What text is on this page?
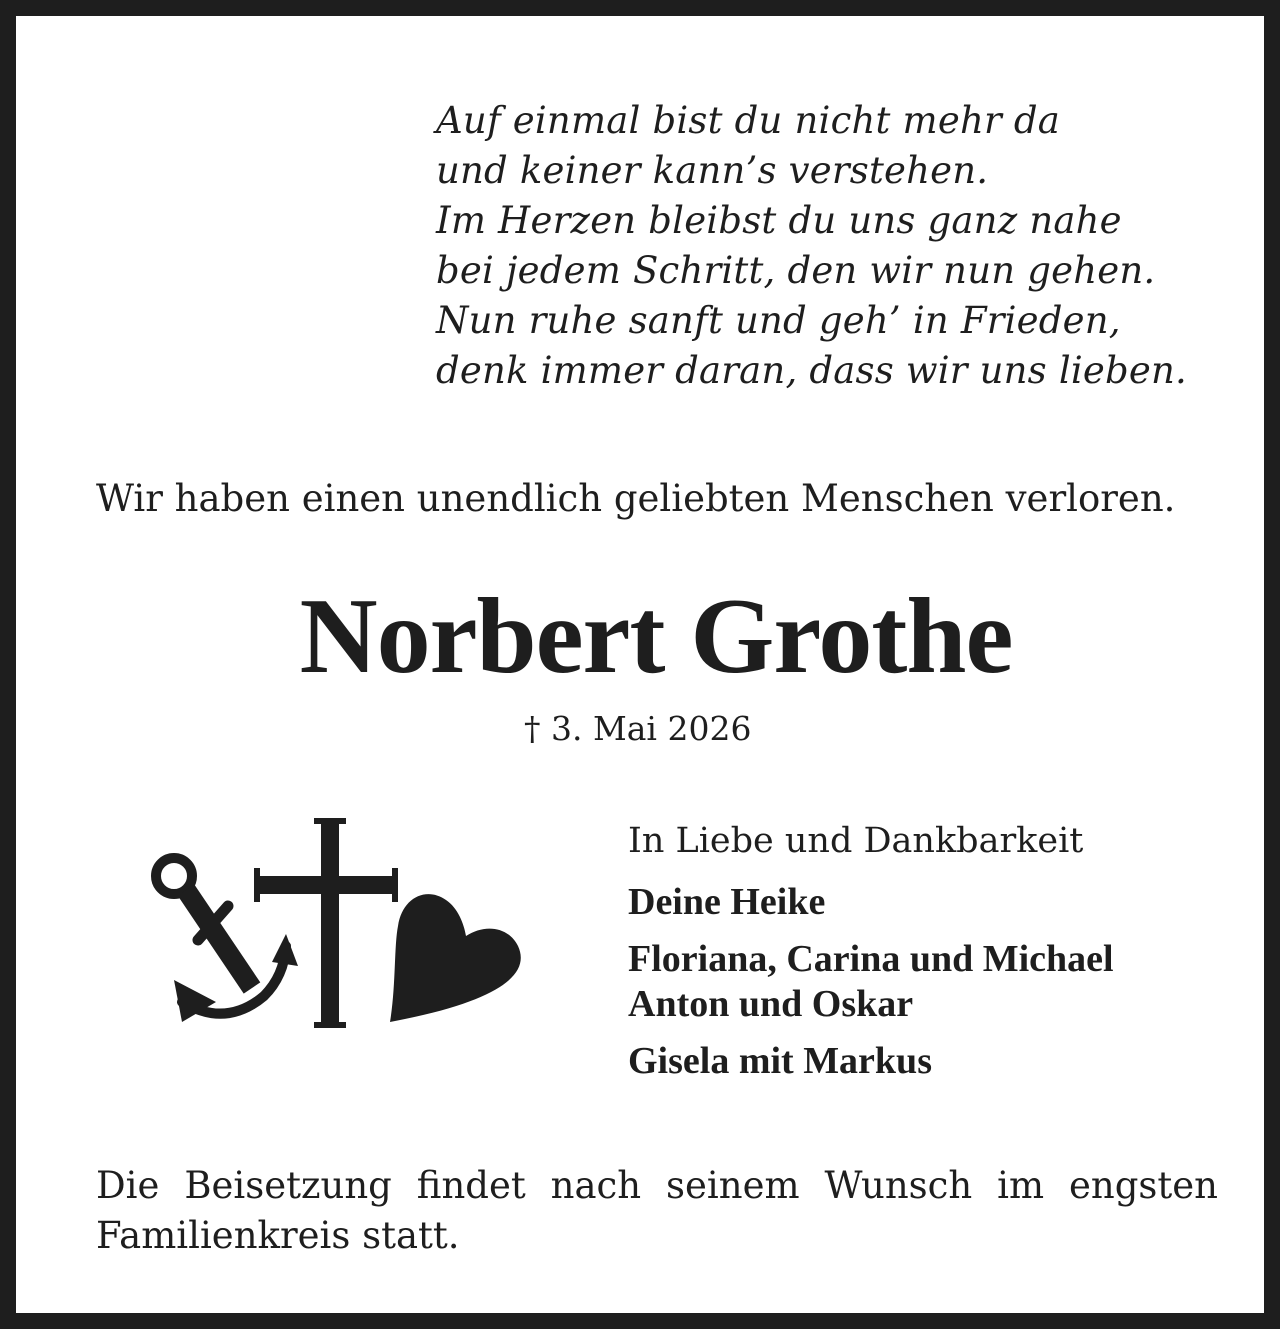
Auf einmal bist du nicht mehr da
und keiner kann’s verstehen.
Im Herzen bleibst du uns ganz nahe
bei jedem Schritt, den wir nun gehen.
Nun ruhe sanft und geh’ in Frieden,
denk immer daran, dass wir uns lieben.
Wir haben einen unendlich geliebten Menschen verloren.
Norbert Grothe
† 3. Mai 2026
In Liebe und Dankbarkeit
Deine Heike
Floriana, Carina und Michael
Anton und Oskar
Gisela mit Markus
Die Beisetzung findet nach seinem Wunsch im engsten Familienkreis statt.
